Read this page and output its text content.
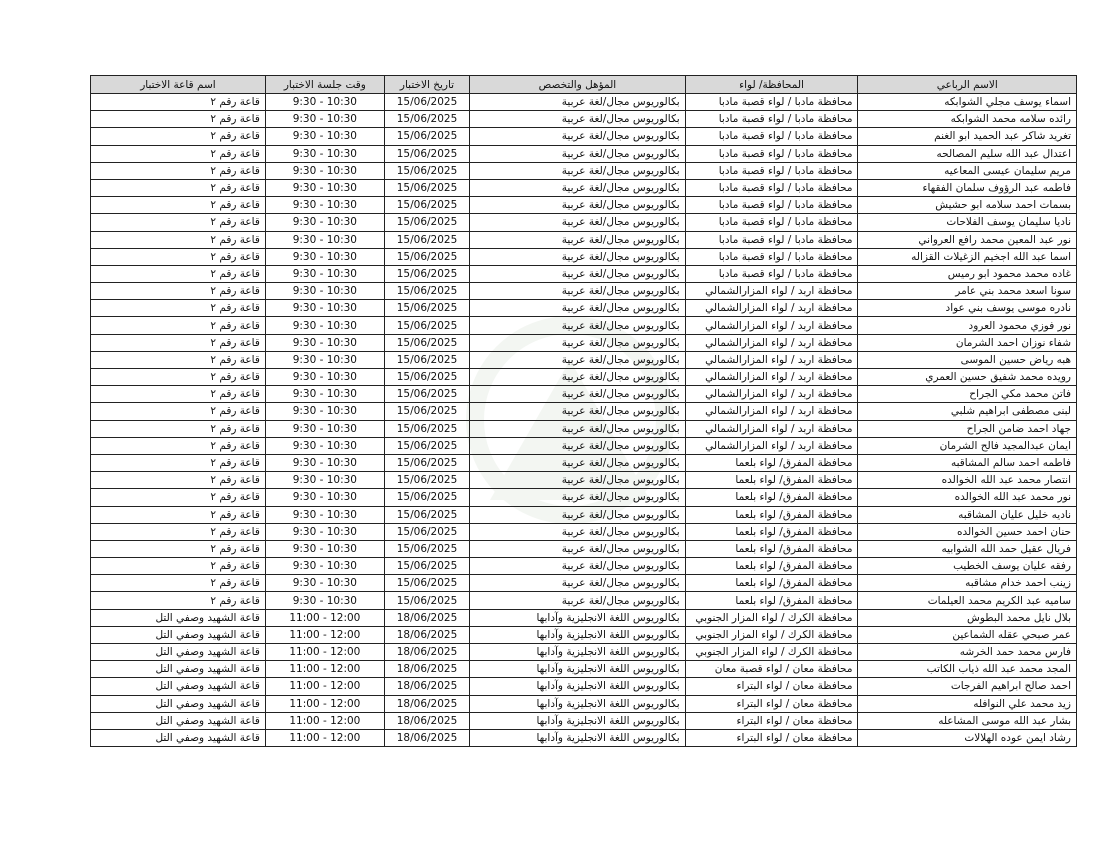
الاسم الرباعي	المحافظة/ لواء	المؤهل والتخصص	تاريخ الاختبار	وقت جلسة الاختبار	اسم قاعة الاختبار
اسماء يوسف مجلي الشوابكه	محافظة مادبا / لواء قصبة مادبا	بكالوريوس مجال/لغة عربية	15/06/2025	9:30 - 10:30	قاعة رقم ٢
رائده سلامه محمد الشوابكه	محافظة مادبا / لواء قصبة مادبا	بكالوريوس مجال/لغة عربية	15/06/2025	9:30 - 10:30	قاعة رقم ٢
تغريد شاكر عبد الحميد ابو الغنم	محافظة مادبا / لواء قصبة مادبا	بكالوريوس مجال/لغة عربية	15/06/2025	9:30 - 10:30	قاعة رقم ٢
اعتدال عبد الله سليم المصالحه	محافظة مادبا / لواء قصبة مادبا	بكالوريوس مجال/لغة عربية	15/06/2025	9:30 - 10:30	قاعة رقم ٢
مريم سليمان عيسى المعاعيه	محافظة مادبا / لواء قصبة مادبا	بكالوريوس مجال/لغة عربية	15/06/2025	9:30 - 10:30	قاعة رقم ٢
فاطمه عبد الرؤوف سلمان الفقهاء	محافظة مادبا / لواء قصبة مادبا	بكالوريوس مجال/لغة عربية	15/06/2025	9:30 - 10:30	قاعة رقم ٢
بسمات احمد سلامه ابو حشيش	محافظة مادبا / لواء قصبة مادبا	بكالوريوس مجال/لغة عربية	15/06/2025	9:30 - 10:30	قاعة رقم ٢
ناديا سليمان يوسف الفلاحات	محافظة مادبا / لواء قصبة مادبا	بكالوريوس مجال/لغة عربية	15/06/2025	9:30 - 10:30	قاعة رقم ٢
نور عبد المعين محمد رافع العرواني	محافظة مادبا / لواء قصبة مادبا	بكالوريوس مجال/لغة عربية	15/06/2025	9:30 - 10:30	قاعة رقم ٢
اسما عبد الله اجخيم الزغيلات القزاله	محافظة مادبا / لواء قصبة مادبا	بكالوريوس مجال/لغة عربية	15/06/2025	9:30 - 10:30	قاعة رقم ٢
غاده محمد محمود ابو رميس	محافظة مادبا / لواء قصبة مادبا	بكالوريوس مجال/لغة عربية	15/06/2025	9:30 - 10:30	قاعة رقم ٢
سونا اسعد محمد بني عامر	محافظة اربد / لواء المزارالشمالي	بكالوريوس مجال/لغة عربية	15/06/2025	9:30 - 10:30	قاعة رقم ٢
نادره موسى يوسف بني عواد	محافظة اربد / لواء المزارالشمالي	بكالوريوس مجال/لغة عربية	15/06/2025	9:30 - 10:30	قاعة رقم ٢
نور فوزي محمود العرود	محافظة اربد / لواء المزارالشمالي	بكالوريوس مجال/لغة عربية	15/06/2025	9:30 - 10:30	قاعة رقم ٢
شفاء نوزان احمد الشرمان	محافظة اربد / لواء المزارالشمالي	بكالوريوس مجال/لغة عربية	15/06/2025	9:30 - 10:30	قاعة رقم ٢
هبه رياض حسين الموسى	محافظة اربد / لواء المزارالشمالي	بكالوريوس مجال/لغة عربية	15/06/2025	9:30 - 10:30	قاعة رقم ٢
رويده محمد شفيق حسين العمري	محافظة اربد / لواء المزارالشمالي	بكالوريوس مجال/لغة عربية	15/06/2025	9:30 - 10:30	قاعة رقم ٢
فاتن محمد مكي الجراح	محافظة اربد / لواء المزارالشمالي	بكالوريوس مجال/لغة عربية	15/06/2025	9:30 - 10:30	قاعة رقم ٢
لبنى مصطفى ابراهيم شلبي	محافظة اربد / لواء المزارالشمالي	بكالوريوس مجال/لغة عربية	15/06/2025	9:30 - 10:30	قاعة رقم ٢
جهاد احمد ضامن الجراح	محافظة اربد / لواء المزارالشمالي	بكالوريوس مجال/لغة عربية	15/06/2025	9:30 - 10:30	قاعة رقم ٢
ايمان عبدالمجيد فالح الشرمان	محافظة اربد / لواء المزارالشمالي	بكالوريوس مجال/لغة عربية	15/06/2025	9:30 - 10:30	قاعة رقم ٢
فاطمه احمد سالم المشاقبه	محافظة المفرق/ لواء بلعما	بكالوريوس مجال/لغة عربية	15/06/2025	9:30 - 10:30	قاعة رقم ٢
انتصار محمد عبد الله الخوالده	محافظة المفرق/ لواء بلعما	بكالوريوس مجال/لغة عربية	15/06/2025	9:30 - 10:30	قاعة رقم ٢
نور محمد عبد الله الخوالده	محافظة المفرق/ لواء بلعما	بكالوريوس مجال/لغة عربية	15/06/2025	9:30 - 10:30	قاعة رقم ٢
ناديه خليل عليان المشاقبه	محافظة المفرق/ لواء بلعما	بكالوريوس مجال/لغة عربية	15/06/2025	9:30 - 10:30	قاعة رقم ٢
حنان احمد حسين الخوالده	محافظة المفرق/ لواء بلعما	بكالوريوس مجال/لغة عربية	15/06/2025	9:30 - 10:30	قاعة رقم ٢
فريال عقيل حمد الله الشوابيه	محافظة المفرق/ لواء بلعما	بكالوريوس مجال/لغة عربية	15/06/2025	9:30 - 10:30	قاعة رقم ٢
رفقه عليان يوسف الخطيب	محافظة المفرق/ لواء بلعما	بكالوريوس مجال/لغة عربية	15/06/2025	9:30 - 10:30	قاعة رقم ٢
زينب احمد خدام مشاقبه	محافظة المفرق/ لواء بلعما	بكالوريوس مجال/لغة عربية	15/06/2025	9:30 - 10:30	قاعة رقم ٢
ساميه عبد الكريم محمد العيلمات	محافظة المفرق/ لواء بلعما	بكالوريوس مجال/لغة عربية	15/06/2025	9:30 - 10:30	قاعة رقم ٢
بلال نايل محمد البطوش	محافظة الكرك / لواء المزار الجنوبي	بكالوريوس اللغة الانجليزية وآدابها	18/06/2025	11:00 - 12:00	قاعة الشهيد وصفي التل
عمر صبحي عقله الشماعين	محافظة الكرك / لواء المزار الجنوبي	بكالوريوس اللغة الانجليزية وآدابها	18/06/2025	11:00 - 12:00	قاعة الشهيد وصفي التل
فارس محمد حمد الخرشه	محافظة الكرك / لواء المزار الجنوبي	بكالوريوس اللغة الانجليزية وآدابها	18/06/2025	11:00 - 12:00	قاعة الشهيد وصفي التل
المجد محمد عبد الله ذياب الكاتب	محافظة معان / لواء قصبة معان	بكالوريوس اللغة الانجليزية وآدابها	18/06/2025	11:00 - 12:00	قاعة الشهيد وصفي التل
احمد صالح ابراهيم الفرجات	محافظة معان / لواء البتراء	بكالوريوس اللغة الانجليزية وآدابها	18/06/2025	11:00 - 12:00	قاعة الشهيد وصفي التل
زيد محمد علي النوافله	محافظة معان / لواء البتراء	بكالوريوس اللغة الانجليزية وآدابها	18/06/2025	11:00 - 12:00	قاعة الشهيد وصفي التل
بشار عبد الله موسى المشاعله	محافظة معان / لواء البتراء	بكالوريوس اللغة الانجليزية وآدابها	18/06/2025	11:00 - 12:00	قاعة الشهيد وصفي التل
رشاد ايمن عوده الهلالات	محافظة معان / لواء البتراء	بكالوريوس اللغة الانجليزية وآدابها	18/06/2025	11:00 - 12:00	قاعة الشهيد وصفي التل
